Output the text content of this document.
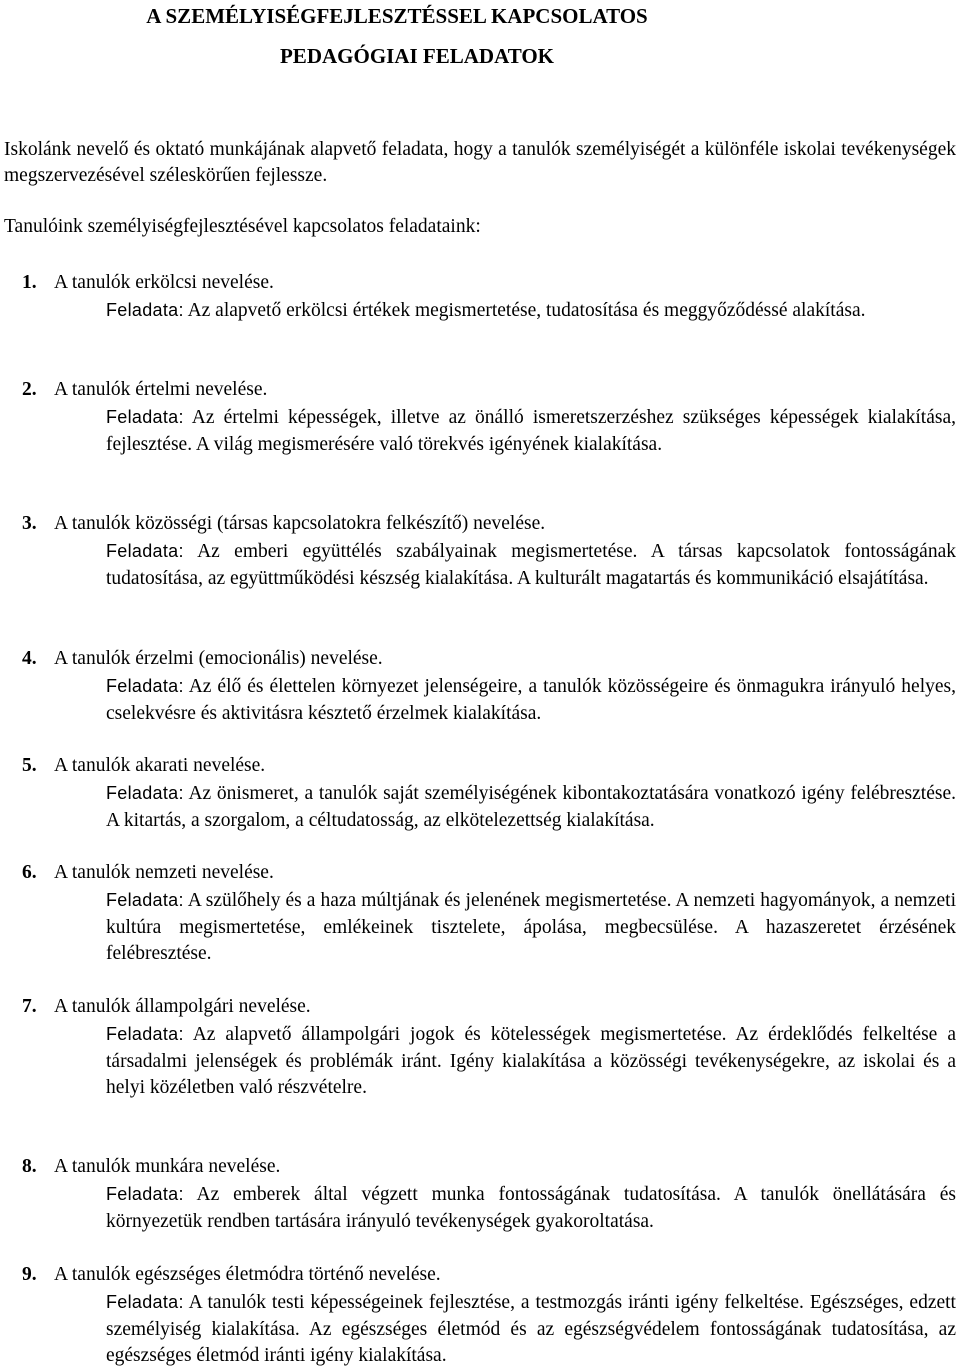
A SZEMÉLYISÉGFEJLESZTÉSSEL KAPCSOLATOS
PEDAGÓGIAI FELADATOK

Iskolánk nevelő és oktató munkájának alapvető feladata, hogy a tanulók személyiségét a különféle iskolai tevékenységek megszervezésével széleskörűen fejlessze.

Tanulóink személyiségfejlesztésével kapcsolatos feladataink:

1. A tanulók erkölcsi nevelése.

Feladata: Az alapvető erkölcsi értékek megismertetése, tudatosítása és meggyőződéssé alakítása.

2. A tanulók értelmi nevelése.

Feladata: Az értelmi képességek, illetve az önálló ismeretszerzéshez szükséges képességek kialakítása, fejlesztése. A világ megismerésére való törekvés igényének kialakítása.

3. A tanulók közösségi (társas kapcsolatokra felkészítő) nevelése.

Feladata: Az emberi együttélés szabályainak megismertetése. A társas kapcsolatok fontosságának tudatosítása, az együttműködési készség kialakítása. A kulturált magatartás és kommunikáció elsajátítása.

4. A tanulók érzelmi (emocionális) nevelése.

Feladata: Az élő és élettelen környezet jelenségeire, a tanulók közösségeire és önmagukra irányuló helyes, cselekvésre és aktivitásra késztető érzelmek kialakítása.

5. A tanulók akarati nevelése.

Feladata: Az önismeret, a tanulók saját személyiségének kibontakoztatására vonatkozó igény felébresztése. A kitartás, a szorgalom, a céltudatosság, az elkötelezettség kialakítása.

6. A tanulók nemzeti nevelése.

Feladata: A szülőhely és a haza múltjának és jelenének megismertetése. A nemzeti hagyományok, a nemzeti kultúra megismertetése, emlékeinek tisztelete, ápolása, megbecsülése. A hazaszeretet érzésének felébresztése.

7. A tanulók állampolgári nevelése.

Feladata: Az alapvető állampolgári jogok és kötelességek megismertetése. Az érdeklődés felkeltése a társadalmi jelenségek és problémák iránt. Igény kialakítása a közösségi tevékenységekre, az iskolai és a helyi közéletben való részvételre.

8. A tanulók munkára nevelése.

Feladata: Az emberek által végzett munka fontosságának tudatosítása. A tanulók önellátására és környezetük rendben tartására irányuló tevékenységek gyakoroltatása.

9. A tanulók egészséges életmódra történő nevelése.

Feladata: A tanulók testi képességeinek fejlesztése, a testmozgás iránti igény felkeltése. Egészséges, edzett személyiség kialakítása. Az egészséges életmód és az egészségvédelem fontosságának tudatosítása, az egészséges életmód iránti igény kialakítása.
